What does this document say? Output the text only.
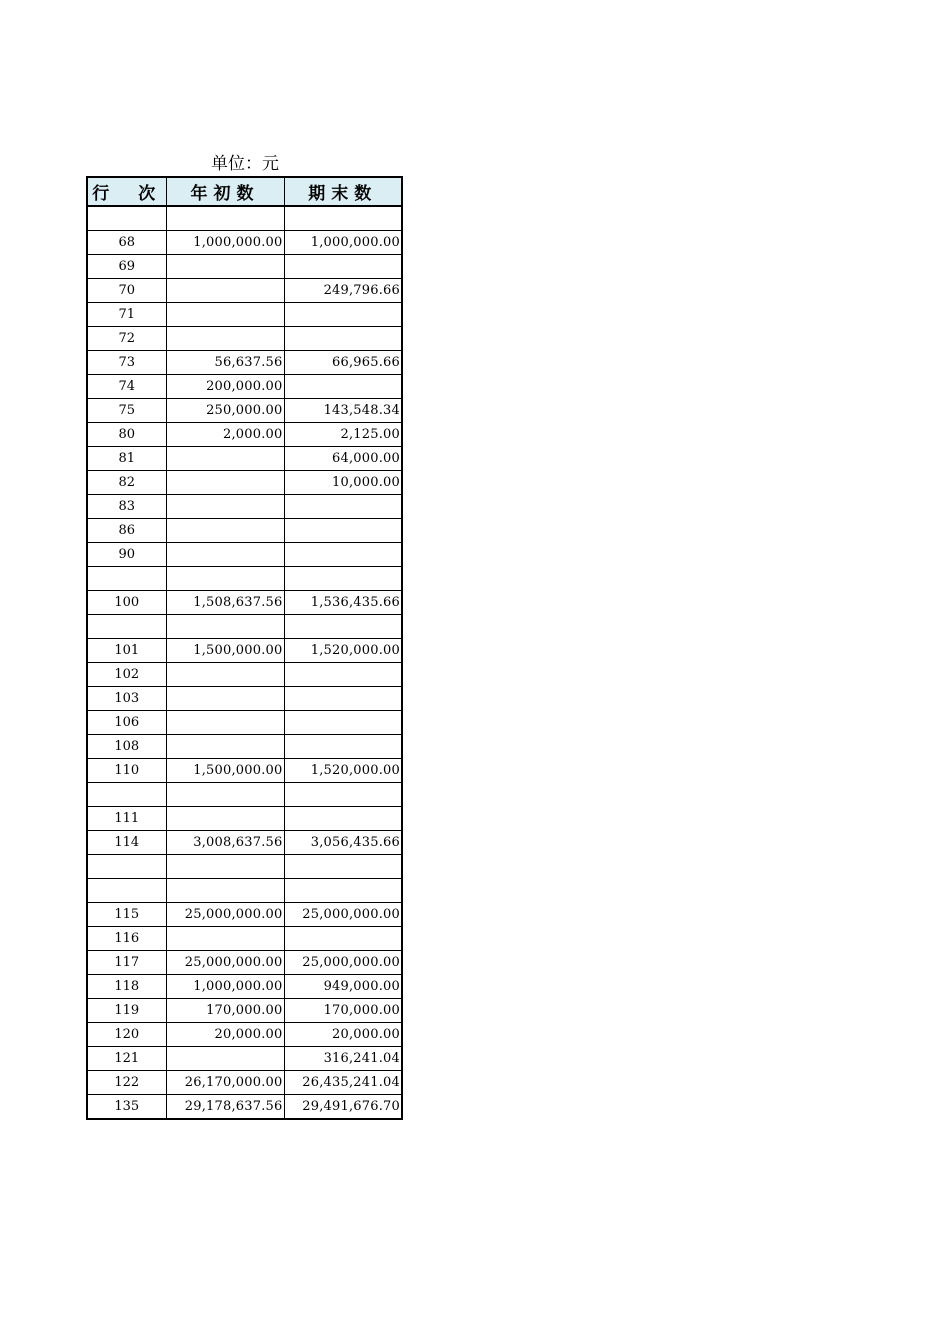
单位：元
行　次	年初数	期末数

68	1,000,000.00	1,000,000.00
69		
70		249,796.66
71		
72		
73	56,637.56	66,965.66
74	200,000.00	
75	250,000.00	143,548.34
80	2,000.00	2,125.00
81		64,000.00
82		10,000.00
83		
86		
90		

100	1,508,637.56	1,536,435.66

101	1,500,000.00	1,520,000.00
102		
103		
106		
108		
110	1,500,000.00	1,520,000.00

111		
114	3,008,637.56	3,056,435.66

115	25,000,000.00	25,000,000.00
116		
117	25,000,000.00	25,000,000.00
118	1,000,000.00	949,000.00
119	170,000.00	170,000.00
120	20,000.00	20,000.00
121		316,241.04
122	26,170,000.00	26,435,241.04
135	29,178,637.56	29,491,676.70
